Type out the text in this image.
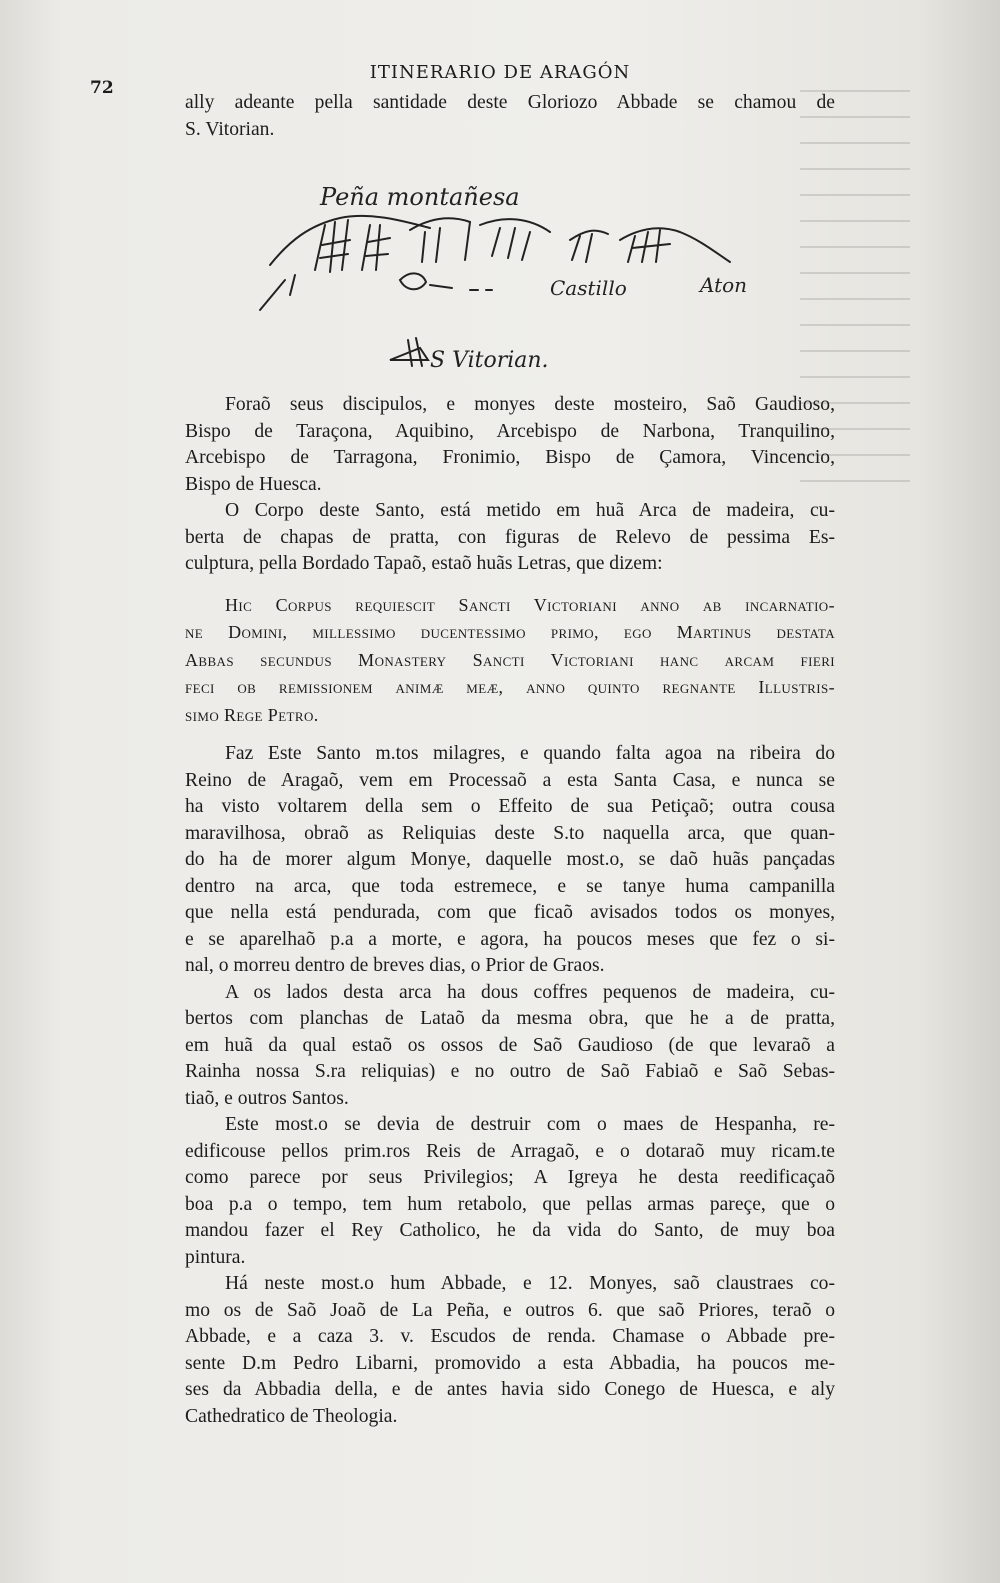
72
ITINERARIO DE ARAGÓN
ally adeante pella santidade deste Gloriozo Abbade se chamou de
S. Vitorian.
Peña montañesa
Castillo	Aton
S Vitorian.

Foraõ seus discipulos, e monyes deste mosteiro, Saõ Gaudioso,
Bispo de Taraçona, Aquibino, Arcebispo de Narbona, Tranquilino,
Arcebispo de Tarragona, Fronimio, Bispo de Çamora, Vincencio,
Bispo de Huesca.

O Corpo deste Santo, está metido em huã Arca de madeira, cu-
berta de chapas de pratta, con figuras de Relevo de pessima Es-
culptura, pella Bordado Tapaõ, estaõ huãs Letras, que dizem:

Hic Corpus requiescit Sancti Victoriani anno ab incarnatio-
ne Domini, millessimo ducentessimo primo, ego Martinus destata
Abbas secundus Monastery Sancti Victoriani hanc arcam fieri
feci ob remissionem animæ meæ, anno quinto regnante Illustris-
simo Rege Petro.

Faz Este Santo m.tos milagres, e quando falta agoa na ribeira do
Reino de Aragaõ, vem em Processaõ a esta Santa Casa, e nunca se
ha visto voltarem della sem o Effeito de sua Petiçaõ; outra cousa
maravilhosa, obraõ as Reliquias deste S.to naquella arca, que quan-
do ha de morer algum Monye, daquelle most.o, se daõ huãs pançadas
dentro na arca, que toda estremece, e se tanye huma campanilla
que nella está pendurada, com que ficaõ avisados todos os monyes,
e se aparelhaõ p.a a morte, e agora, ha poucos meses que fez o si-
nal, o morreu dentro de breves dias, o Prior de Graos.

A os lados desta arca ha dous coffres pequenos de madeira, cu-
bertos com planchas de Lataõ da mesma obra, que he a de pratta,
em huã da qual estaõ os ossos de Saõ Gaudioso (de que levaraõ a
Rainha nossa S.ra reliquias) e no outro de Saõ Fabiaõ e Saõ Sebas-
tiaõ, e outros Santos.

Este most.o se devia de destruir com o maes de Hespanha, re-
edificouse pellos prim.ros Reis de Arragaõ, e o dotaraõ muy ricam.te
como parece por seus Privilegios; A Igreya he desta reedificaçaõ
boa p.a o tempo, tem hum retabolo, que pellas armas pareçe, que o
mandou fazer el Rey Catholico, he da vida do Santo, de muy boa
pintura.

Há neste most.o hum Abbade, e 12. Monyes, saõ claustraes co-
mo os de Saõ Joaõ de La Peña, e outros 6. que saõ Priores, teraõ o
Abbade, e a caza 3. v. Escudos de renda. Chamase o Abbade pre-
sente D.m Pedro Libarni, promovido a esta Abbadia, ha poucos me-
ses da Abbadia della, e de antes havia sido Conego de Huesca, e aly
Cathedratico de Theologia.
